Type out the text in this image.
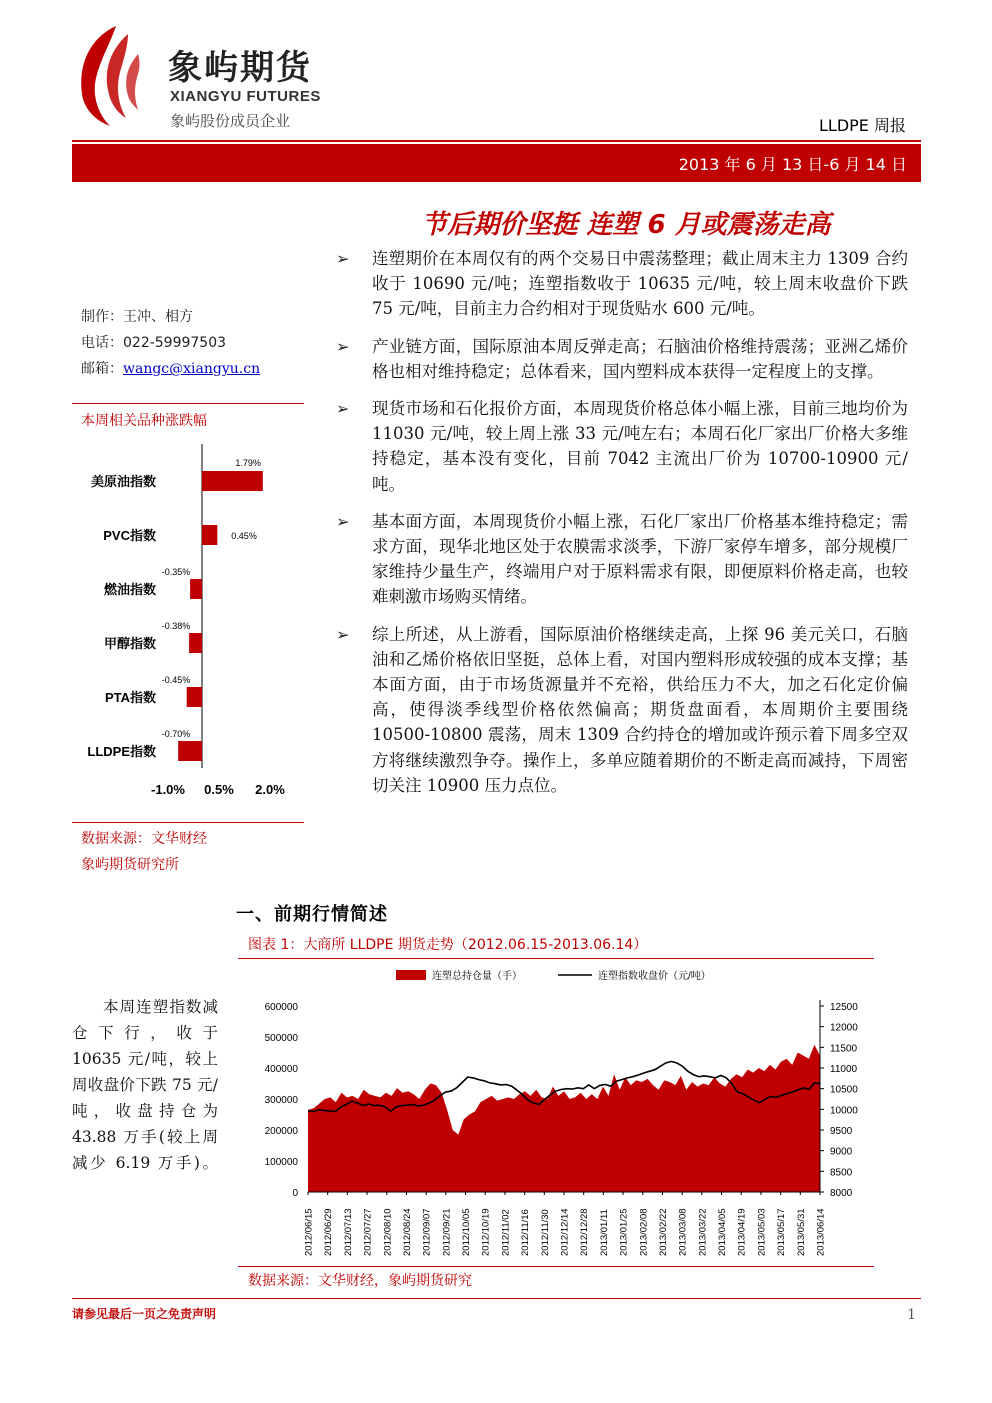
象屿期货
XIANGYU FUTURES
象屿股份成员企业	LLDPE 周报
2013 年 6 月 13 日-6 月 14 日
节后期价坚挺 连塑 6 月或震荡走高
➢ 连塑期价在本周仅有的两个交易日中震荡整理；截止周末主力 1309 合约收于 10690 元/吨；连塑指数收于 10635 元/吨，较上周末收盘价下跌 75 元/吨，目前主力合约相对于现货贴水 600 元/吨。
➢ 产业链方面，国际原油本周反弹走高；石脑油价格维持震荡；亚洲乙烯价格也相对维持稳定；总体看来，国内塑料成本获得一定程度上的支撑。
➢ 现货市场和石化报价方面，本周现货价格总体小幅上涨，目前三地均价为 11030 元/吨，较上周上涨 33 元/吨左右；本周石化厂家出厂价格大多维持稳定，基本没有变化，目前 7042 主流出厂价为 10700-10900 元/吨。
➢ 基本面方面，本周现货价小幅上涨，石化厂家出厂价格基本维持稳定；需求方面，现华北地区处于农膜需求淡季，下游厂家停车增多，部分规模厂家维持少量生产，终端用户对于原料需求有限，即便原料价格走高，也较难刺激市场购买情绪。
➢ 综上所述，从上游看，国际原油价格继续走高，上探 96 美元关口，石脑油和乙烯价格依旧坚挺，总体上看，对国内塑料形成较强的成本支撑；基本面方面，由于市场货源量并不充裕，供给压力不大，加之石化定价偏高，使得淡季线型价格依然偏高；期货盘面看，本周期价主要围绕 10500-10800 震荡，周末 1309 合约持仓的增加或许预示着下周多空双方将继续激烈争夺。操作上，多单应随着期价的不断走高而减持，下周密切关注 10900 压力点位。
制作：王冲、相方
电话：022-59997503
邮箱：wangc@xiangyu.cn
本周相关品种涨跌幅
美原油指数
1.79%
PVC指数	0.45%
燃油指数
-0.35%
甲醇指数
-0.38%
PTA指数
-0.45%
LLDPE指数
-0.70%
-1.0% 0.5% 2.0%
数据来源：文华财经
象屿期货研究所
一、前期行情简述
图表 1：大商所 LLDPE 期货走势（2012.06.15-2013.06.14）
本周连塑指数减仓下行，收于
10635 元/吨，较上周收盘价下跌 75 元/吨，收盘持仓为 43.88 万手(较上周减少 6.19 万手)。
连塑总持仓量（手）	连塑指数收盘价（元/吨）
0
100000
200000
300000
400000
500000
600000
8000
8500
9000
9500
10000
10500
11000
11500
12000
12500
2012/06/15 2012/06/29 2012/07/13 2012/07/27 2012/08/10 2012/08/24 2012/09/07 2012/09/21 2012/10/05 2012/10/19 2012/11/02 2012/11/16 2012/11/30 2012/12/14 2012/12/28 2013/01/11 2013/01/25 2013/02/08 2013/02/22 2013/03/08 2013/03/22 2013/04/05 2013/04/19 2013/05/03 2013/05/17 2013/05/31 2013/06/14
数据来源：文华财经，象屿期货研究
请参见最后一页之免责声明	1
